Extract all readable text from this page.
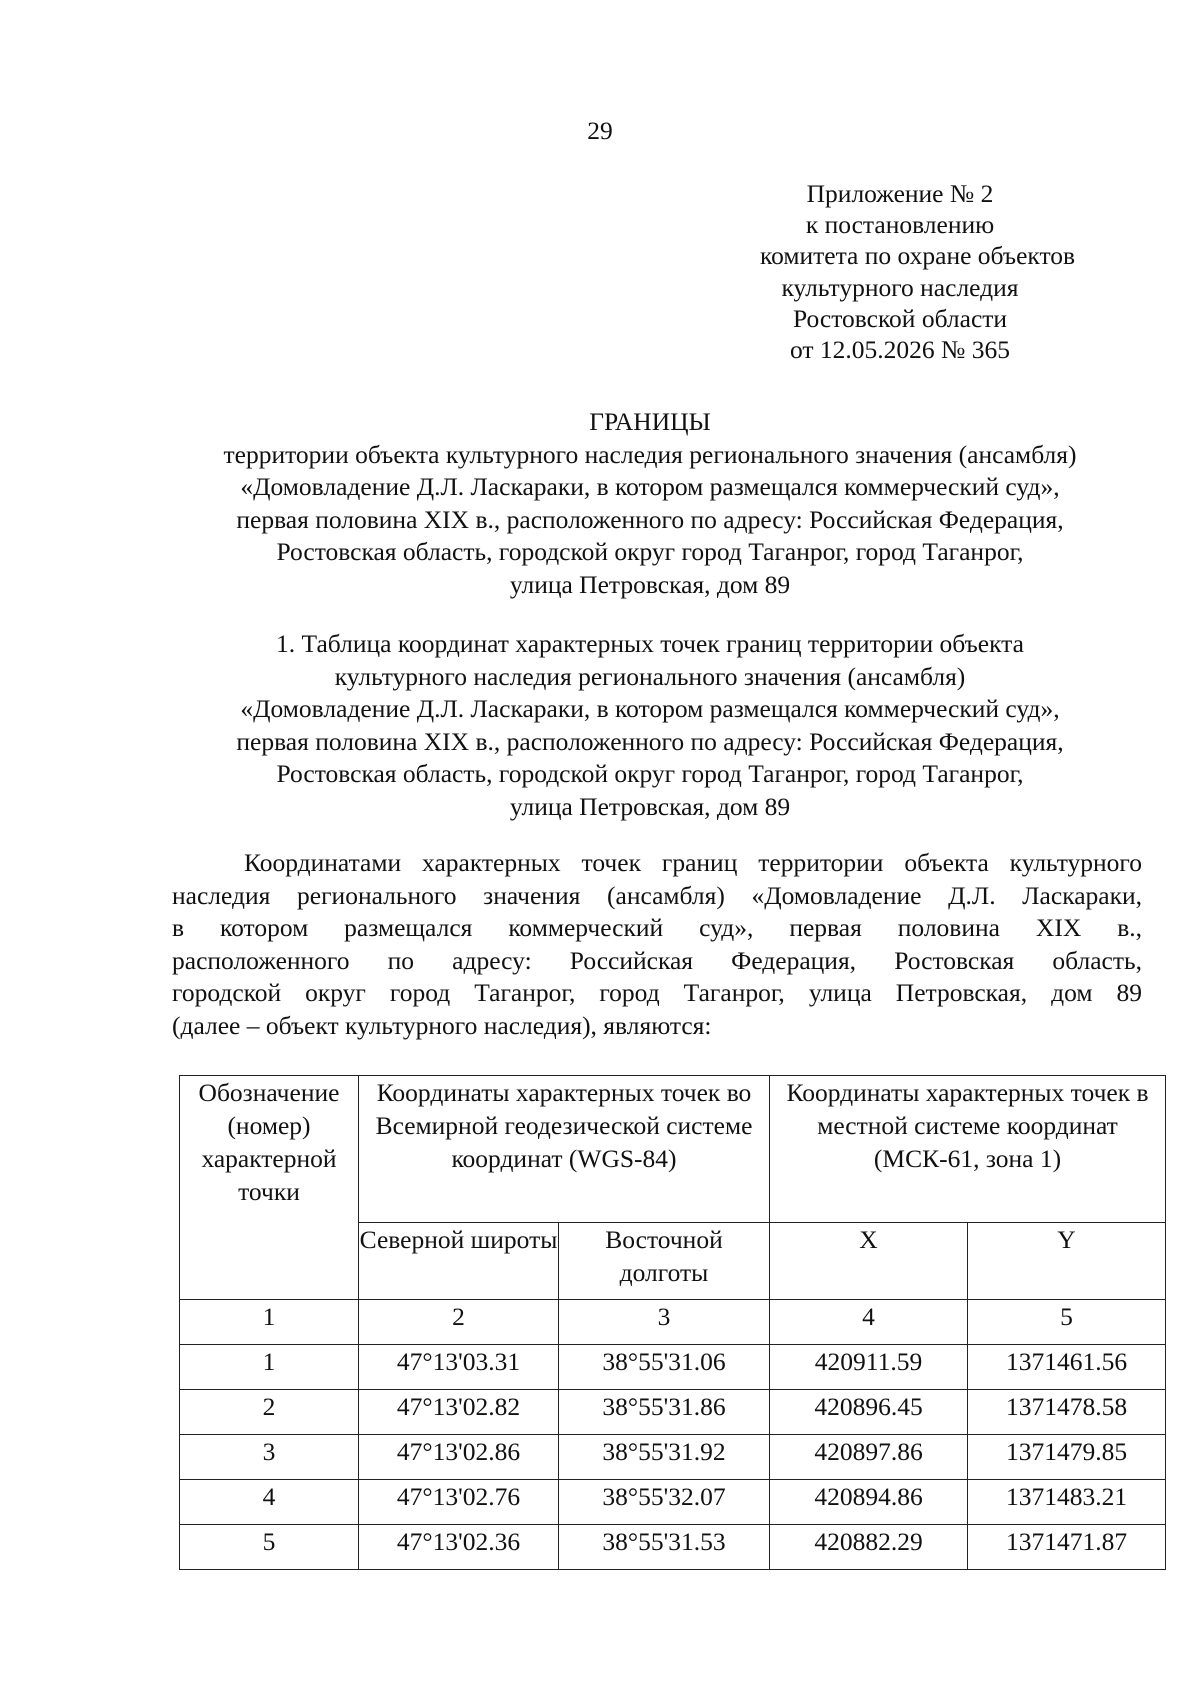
29
Приложение № 2
к постановлению
комитета по охране объектов
культурного наследия
Ростовской области
от 12.05.2026 № 365
ГРАНИЦЫ
территории объекта культурного наследия регионального значения (ансамбля)
«Домовладение Д.Л. Ласкараки, в котором размещался коммерческий суд»,
первая половина XIX в., расположенного по адресу: Российская Федерация,
Ростовская область, городской округ город Таганрог, город Таганрог,
улица Петровская, дом 89
1. Таблица координат характерных точек границ территории объекта
культурного наследия регионального значения (ансамбля)
«Домовладение Д.Л. Ласкараки, в котором размещался коммерческий суд»,
первая половина XIX в., расположенного по адресу: Российская Федерация,
Ростовская область, городской округ город Таганрог, город Таганрог,
улица Петровская, дом 89
Координатами характерных точек границ территории объекта культурного
наследия регионального значения (ансамбля) «Домовладение Д.Л. Ласкараки,
в котором размещался коммерческий суд», первая половина XIX в.,
расположенного по адресу: Российская Федерация, Ростовская область,
городской округ город Таганрог, город Таганрог, улица Петровская, дом 89
(далее – объект культурного наследия), являются:
Обозначение (номер) характерной точки	Координаты характерных точек во Всемирной геодезической системе координат (WGS-84)		Координаты характерных точек в местной системе координат (МСК-61, зона 1)	
	Северной широты	Восточной долготы	X	Y
1	2	3	4	5
1	47°13'03.31	38°55'31.06	420911.59	1371461.56
2	47°13'02.82	38°55'31.86	420896.45	1371478.58
3	47°13'02.86	38°55'31.92	420897.86	1371479.85
4	47°13'02.76	38°55'32.07	420894.86	1371483.21
5	47°13'02.36	38°55'31.53	420882.29	1371471.87
